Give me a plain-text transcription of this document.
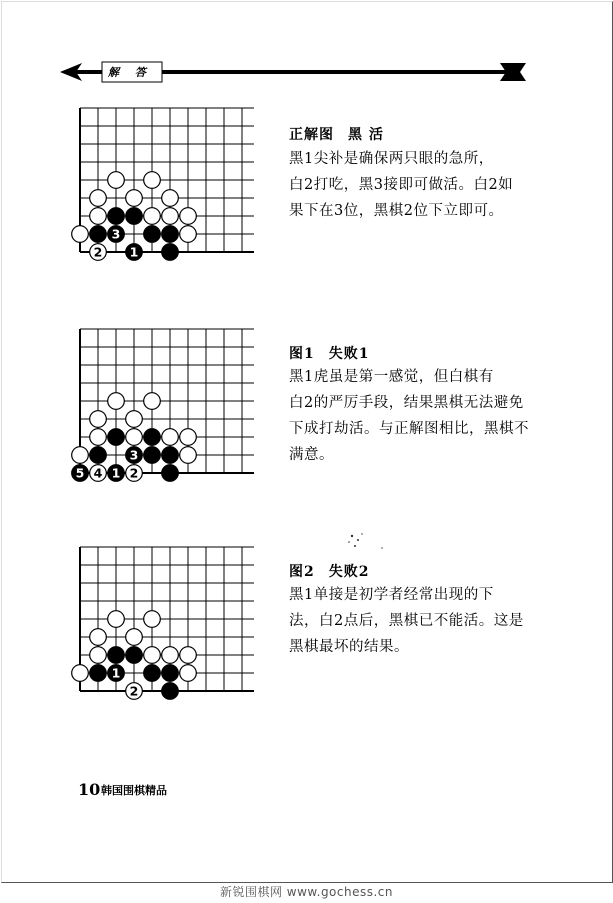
解 答
3
2 1
正解图 黑 活
黑1尖补是确保两只眼的急所，
白2打吃，黑3接即可做活。白2如
果下在3位，黑棋2位下立即可。
3
5 4 1 2
图1 失败1
黑1虎虽是第一感觉，但白棋有
白2的严厉手段，结果黑棋无法避免
下成打劫活。与正解图相比，黑棋不
满意。
1
2
图2 失败2
黑1单接是初学者经常出现的下
法，白2点后，黑棋已不能活。这是
黑棋最坏的结果。
10 韩国围棋精品
新锐围棋网 www.gochess.cn
